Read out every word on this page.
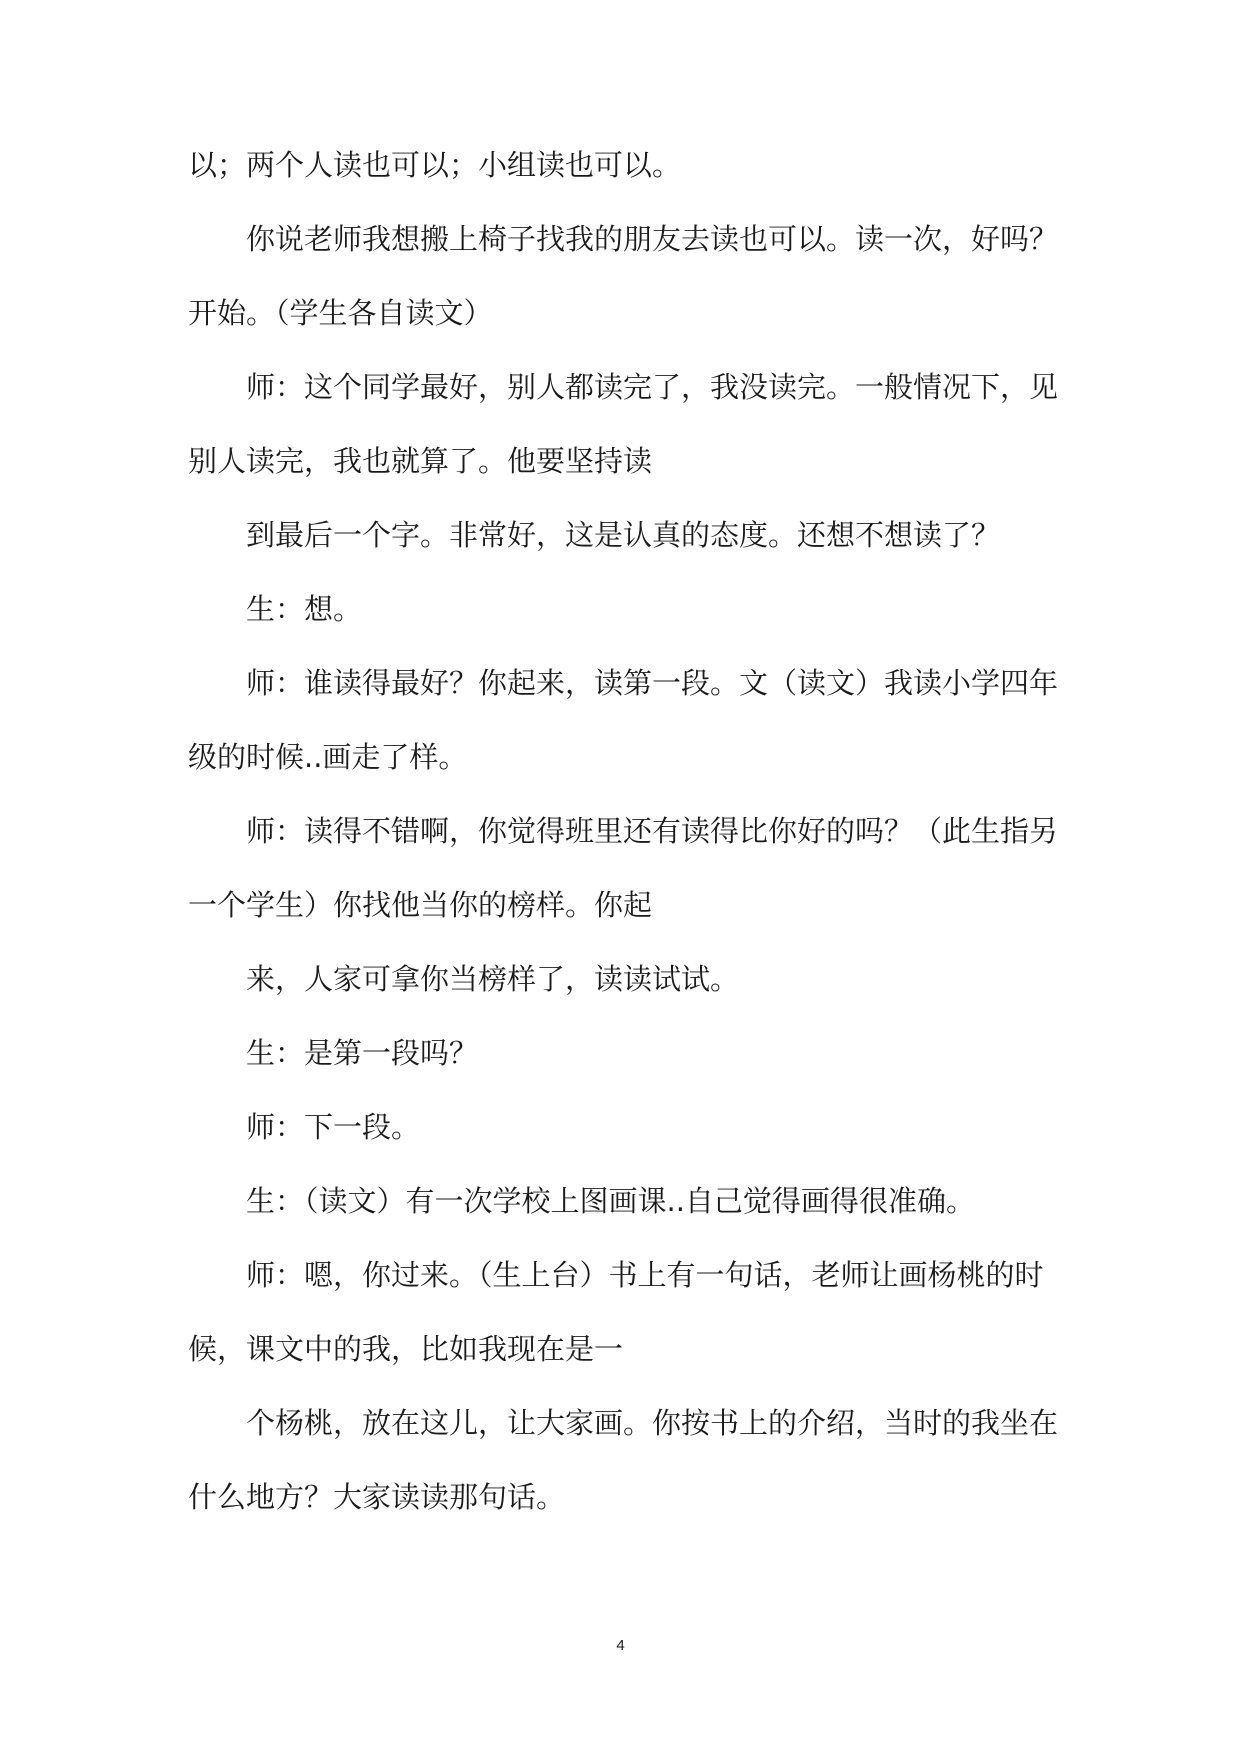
以；两个人读也可以；小组读也可以。
你说老师我想搬上椅子找我的朋友去读也可以。读一次，好吗？
开始。（学生各自读文）
师：这个同学最好，别人都读完了，我没读完。一般情况下，见
别人读完，我也就算了。他要坚持读
到最后一个字。非常好，这是认真的态度。还想不想读了？
生：想。
师：谁读得最好？你起来，读第一段。文（读文）我读小学四年
级的时候..画走了样。
师：读得不错啊，你觉得班里还有读得比你好的吗？（此生指另
一个学生）你找他当你的榜样。你起
来，人家可拿你当榜样了，读读试试。
生：是第一段吗？
师：下一段。
生：（读文）有一次学校上图画课..自己觉得画得很准确。
师：嗯，你过来。（生上台）书上有一句话，老师让画杨桃的时
候，课文中的我，比如我现在是一
个杨桃，放在这儿，让大家画。你按书上的介绍，当时的我坐在
什么地方？大家读读那句话。
4
